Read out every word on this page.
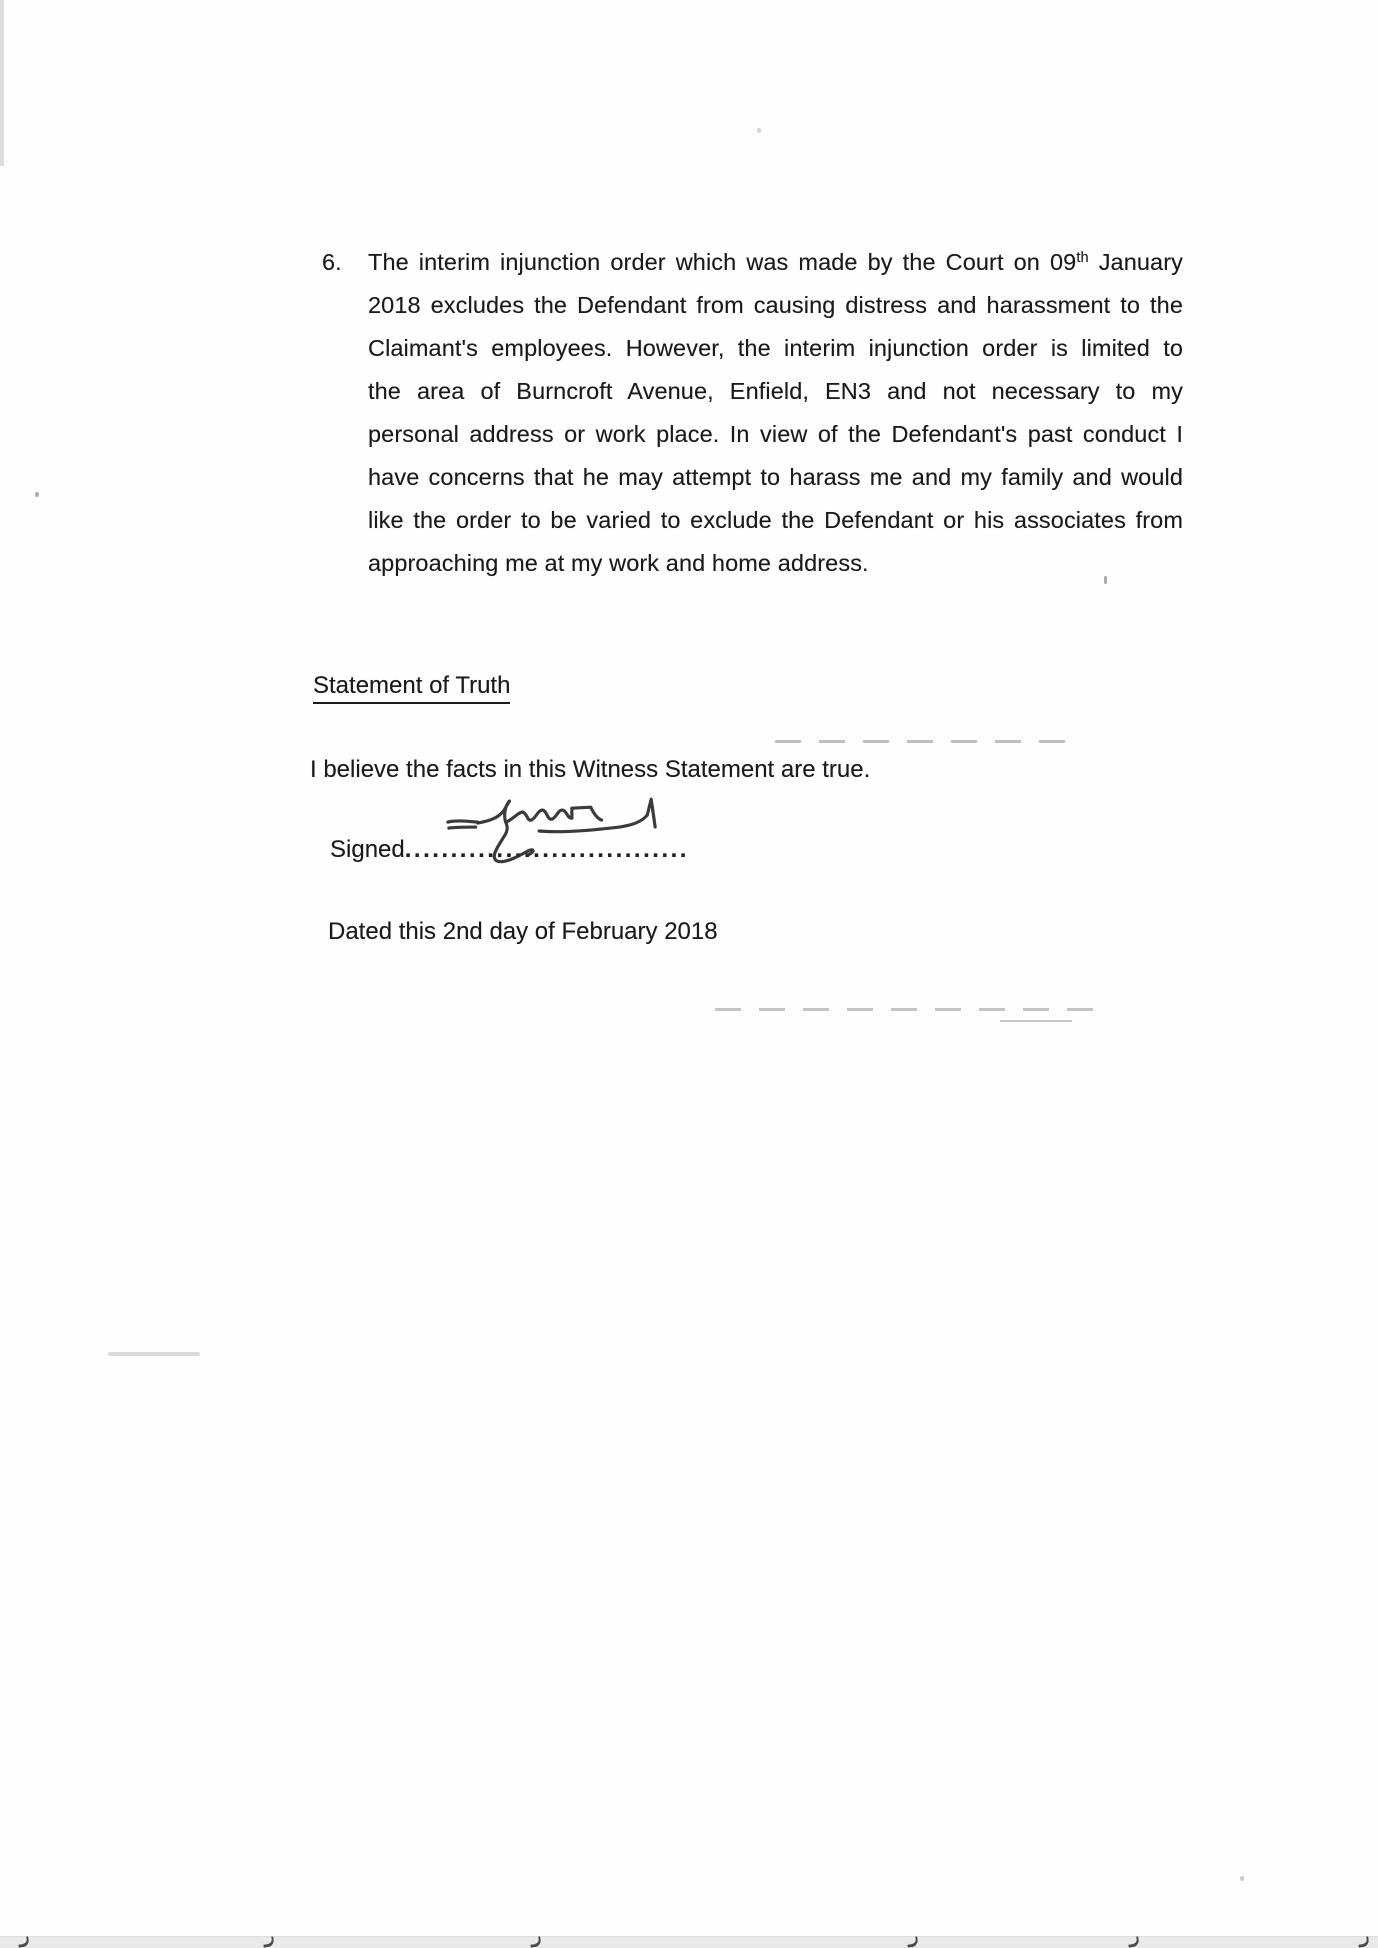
6.	The interim injunction order which was made by the Court on 09th January
2018 excludes the Defendant from causing distress and harassment to the
Claimant's employees. However, the interim injunction order is limited to
the area of Burncroft Avenue, Enfield, EN3 and not necessary to my
personal address or work place. In view of the Defendant's past conduct I
have concerns that he may attempt to harass me and my family and would
like the order to be varied to exclude the Defendant or his associates from
approaching me at my work and home address.
Statement of Truth
I believe the facts in this Witness Statement are true.
Signed...............................
Dated this 2nd day of February 2018
